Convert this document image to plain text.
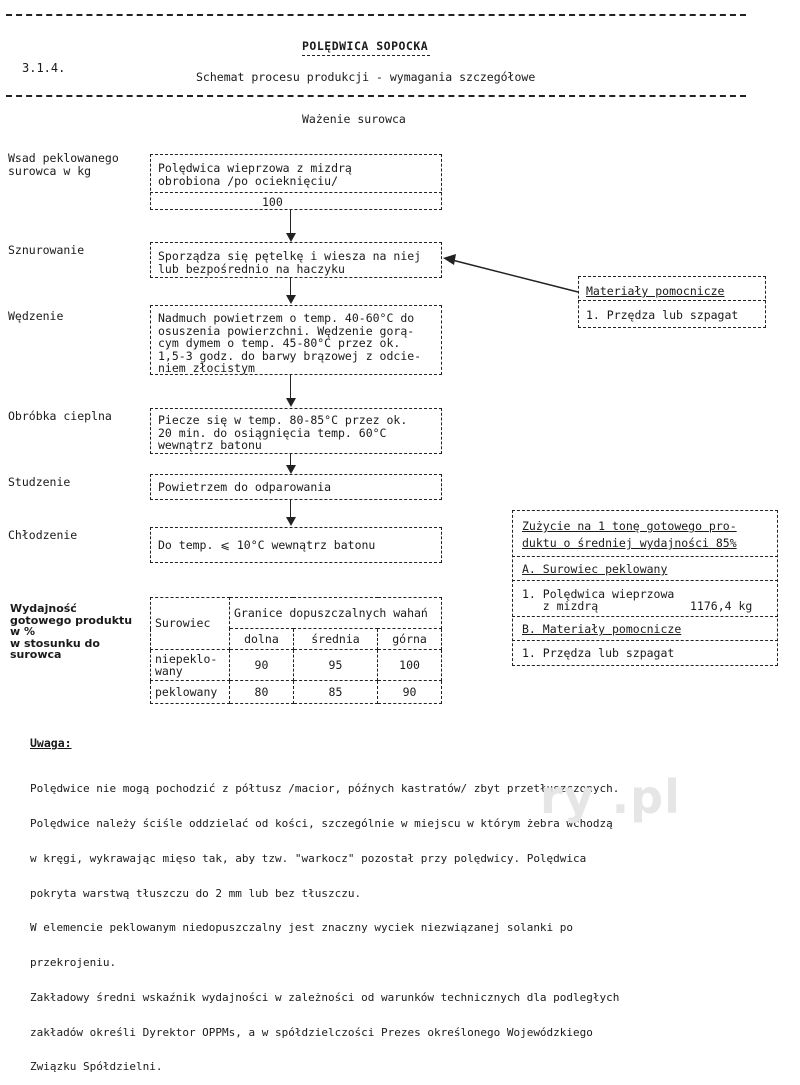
POLĘDWICA SOPOCKA
3.1.4.
Schemat procesu produkcji - wymagania szczegółowe
Ważenie surowca
Wsad peklowanego surowca w kg
Sznurowanie
Wędzenie
Obróbka cieplna
Studzenie
Chłodzenie
Polędwica wieprzowa z mizdrą
obrobiona /po ocieknięciu/
100
Sporządza się pętelkę i wiesza na niej
lub bezpośrednio na haczyku
Nadmuch powietrzem o temp. 40-60°C do
osuszenia powierzchni. Wędzenie gorą-
cym dymem o temp. 45-80°C przez ok.
1,5-3 godz. do barwy brązowej z odcie-
niem złocistym
Piecze się w temp. 80-85°C przez ok.
20 min. do osiągnięcia temp. 60°C
wewnątrz batonu
Powietrzem do odparowania
Do temp. ⩽ 10°C wewnątrz batonu
Materiały pomocnicze
1. Przędza lub szpagat
Zużycie na 1 tonę gotowego pro-
duktu o średniej wydajności 85%
A. Surowiec peklowany
1. Polędwica wieprzowa
z mizdrą	1176,4 kg
B. Materiały pomocnicze
1. Przędza lub szpagat
Wydajność
gotowego produktu
w %
w stosunku do
surowca
Surowiec	Granice dopuszczalnych wahań		
	dolna	średnia	górna
niepeklo-
wany	90	95	100
peklowany	80	85	90
Uwaga:

Polędwice nie mogą pochodzić z półtusz /macior, późnych kastratów/ zbyt przetłuszczonych.

Polędwice należy ściśle oddzielać od kości, szczególnie w miejscu w którym żebra wchodzą

w kręgi, wykrawając mięso tak, aby tzw. "warkocz" pozostał przy polędwicy. Polędwica

pokryta warstwą tłuszczu do 2 mm lub bez tłuszczu.

W elemencie peklowanym niedopuszczalny jest znaczny wyciek niezwiązanej solanki po

przekrojeniu.

Zakładowy średni wskaźnik wydajności w zależności od warunków technicznych dla podległych

zakładów określi Dyrektor OPPMs, a w spółdzielczości Prezes określonego Wojewódzkiego

Związku Spółdzielni.

ry .pl
